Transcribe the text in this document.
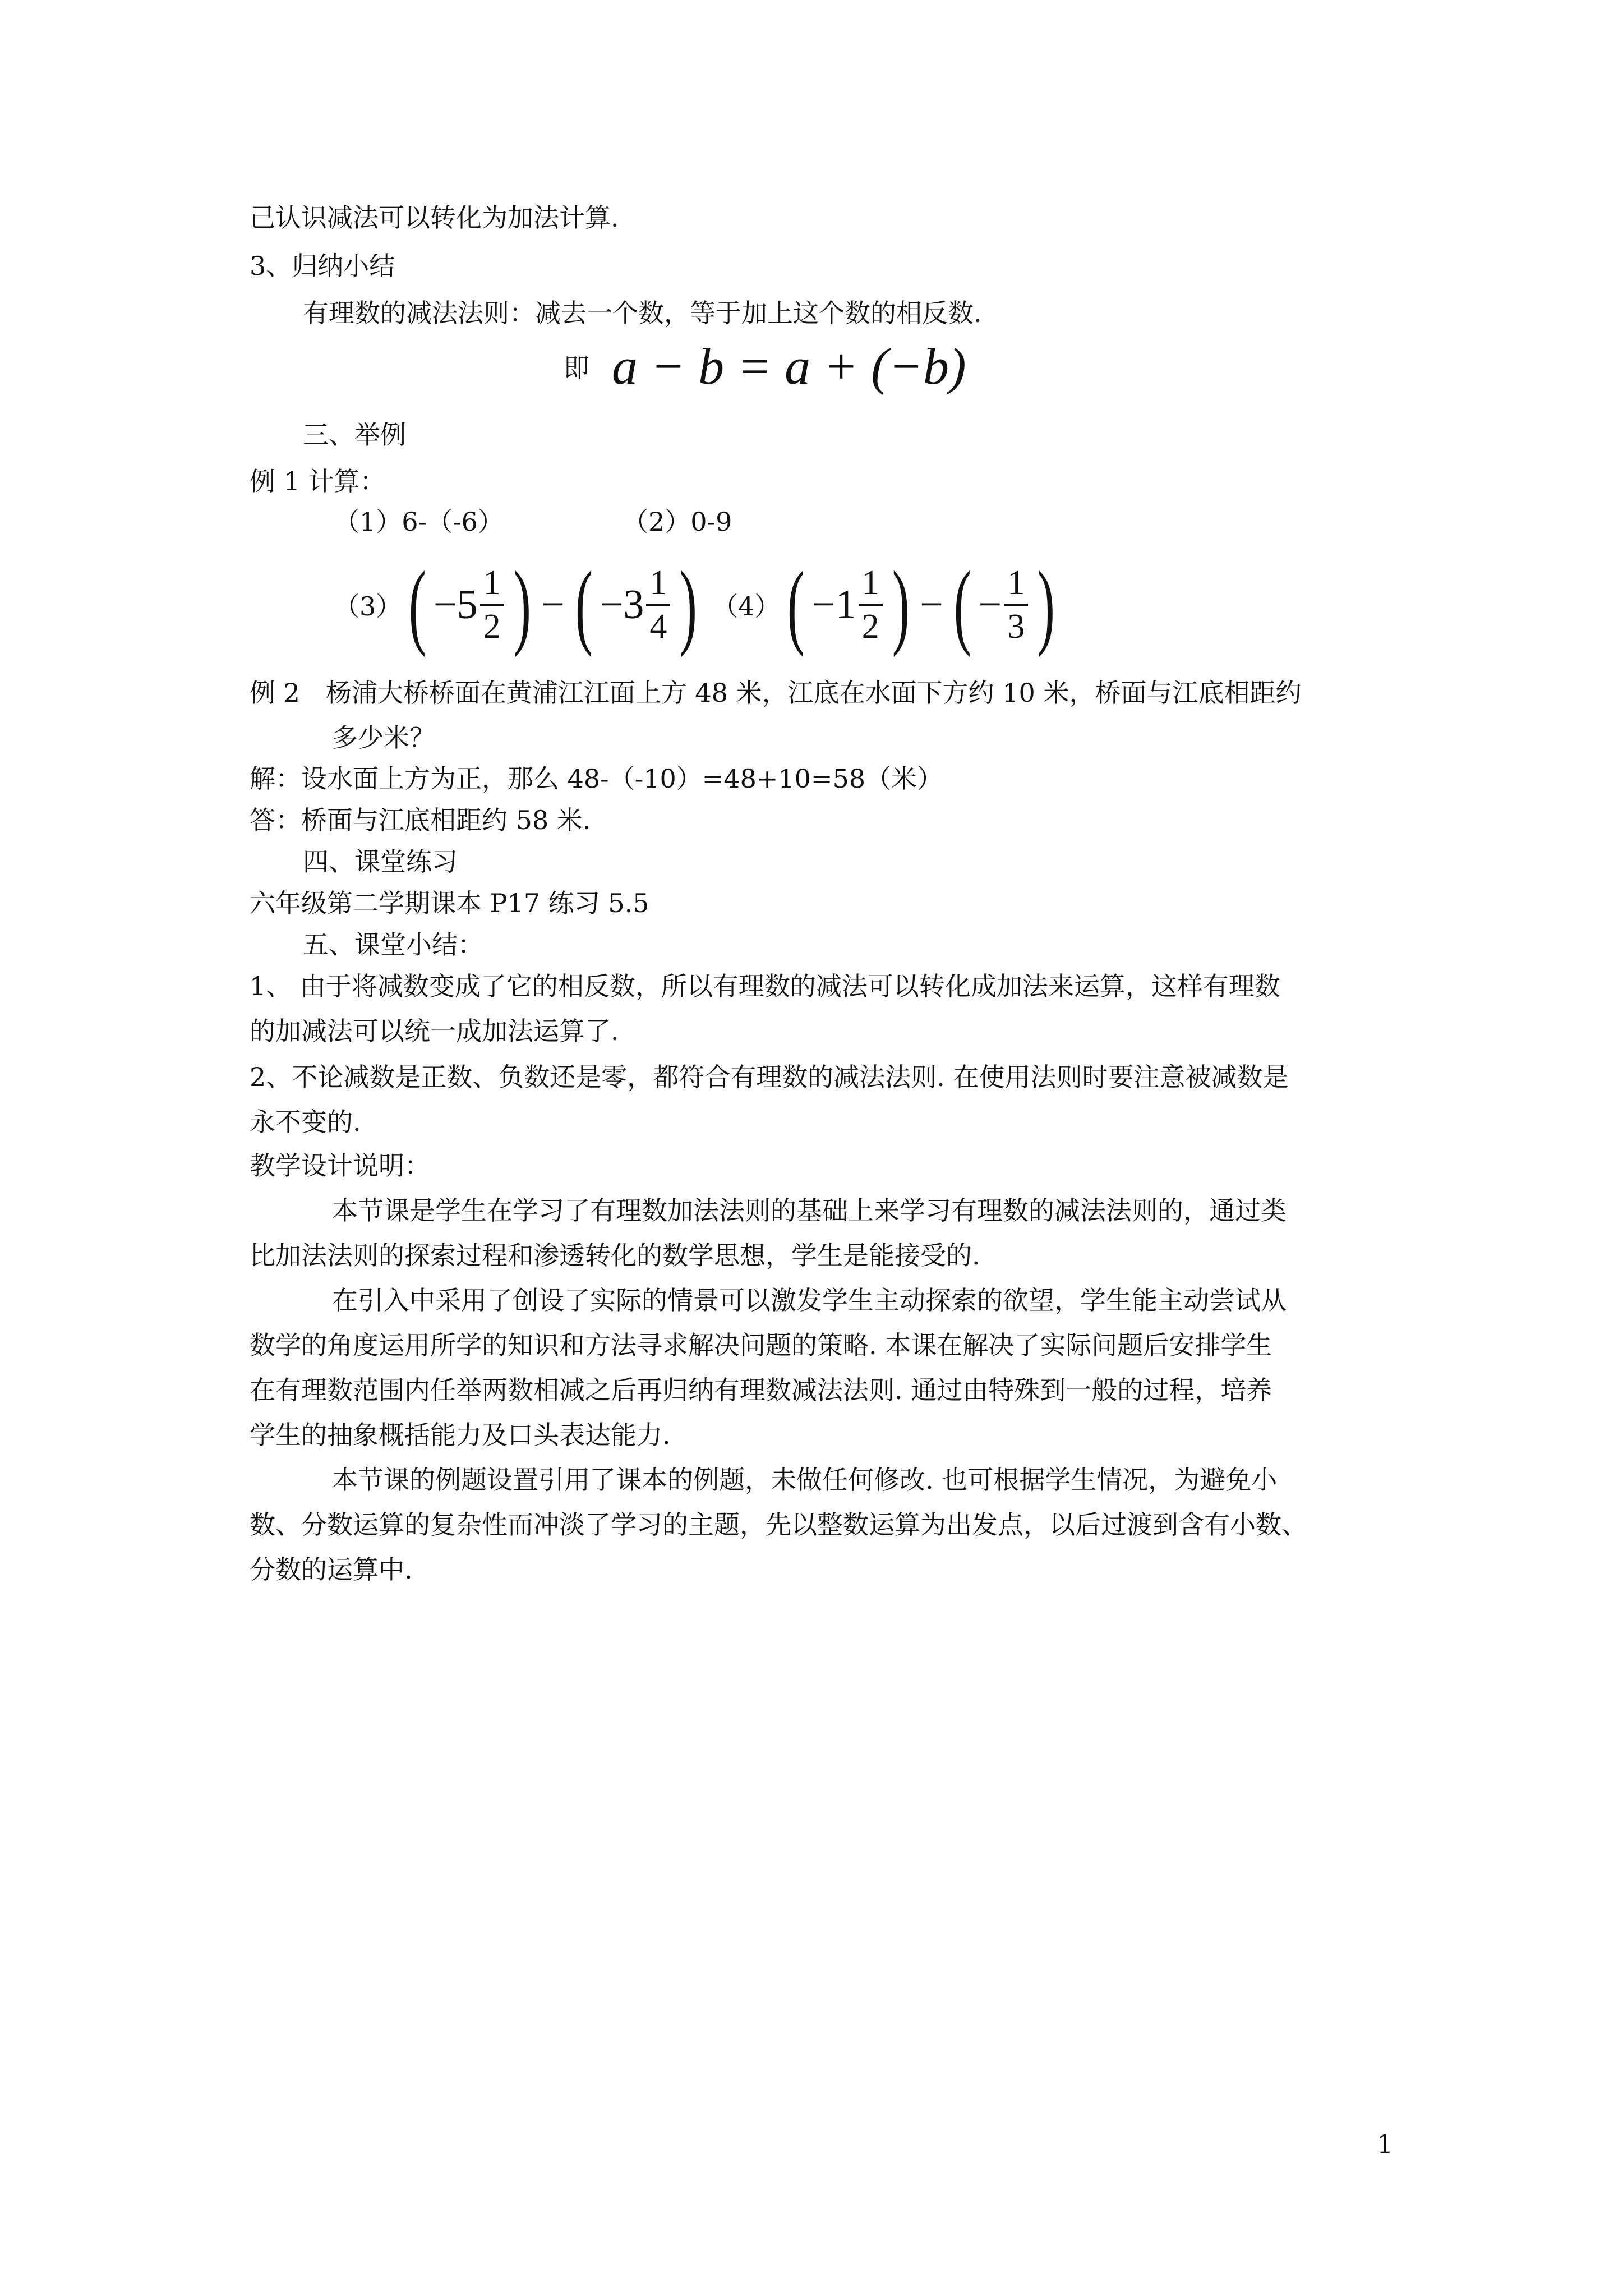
己认识减法可以转化为加法计算.
3、归纳小结
有理数的减法法则：减去一个数，等于加上这个数的相反数.
即 a − b = a + (−b)
三、举例
例 1 计算：
（1）6-（-6）	（2）0-9
（3） ( $-5 \frac{1}{2}$ ) − ( $-3 \frac{1}{4}$ ) （4） ( $-1 \frac{1}{2}$ ) − ( − $\frac{1}{3}$ )
例 2　杨浦大桥桥面在黄浦江江面上方 48 米，江底在水面下方约 10 米，桥面与江底相距约
多少米？
解：设水面上方为正，那么 48-（-10）=48+10=58（米）
答：桥面与江底相距约 58 米.
四、课堂练习
六年级第二学期课本 P17 练习 5.5
五、课堂小结：
1、 由于将减数变成了它的相反数，所以有理数的减法可以转化成加法来运算，这样有理数
的加减法可以统一成加法运算了.
2、不论减数是正数、负数还是零，都符合有理数的减法法则. 在使用法则时要注意被减数是
永不变的.
教学设计说明：
本节课是学生在学习了有理数加法法则的基础上来学习有理数的减法法则的，通过类
比加法法则的探索过程和渗透转化的数学思想，学生是能接受的.
在引入中采用了创设了实际的情景可以激发学生主动探索的欲望，学生能主动尝试从
数学的角度运用所学的知识和方法寻求解决问题的策略. 本课在解决了实际问题后安排学生
在有理数范围内任举两数相减之后再归纳有理数减法法则. 通过由特殊到一般的过程，培养
学生的抽象概括能力及口头表达能力.
本节课的例题设置引用了课本的例题，未做任何修改. 也可根据学生情况，为避免小
数、分数运算的复杂性而冲淡了学习的主题，先以整数运算为出发点，以后过渡到含有小数、
分数的运算中.
1
